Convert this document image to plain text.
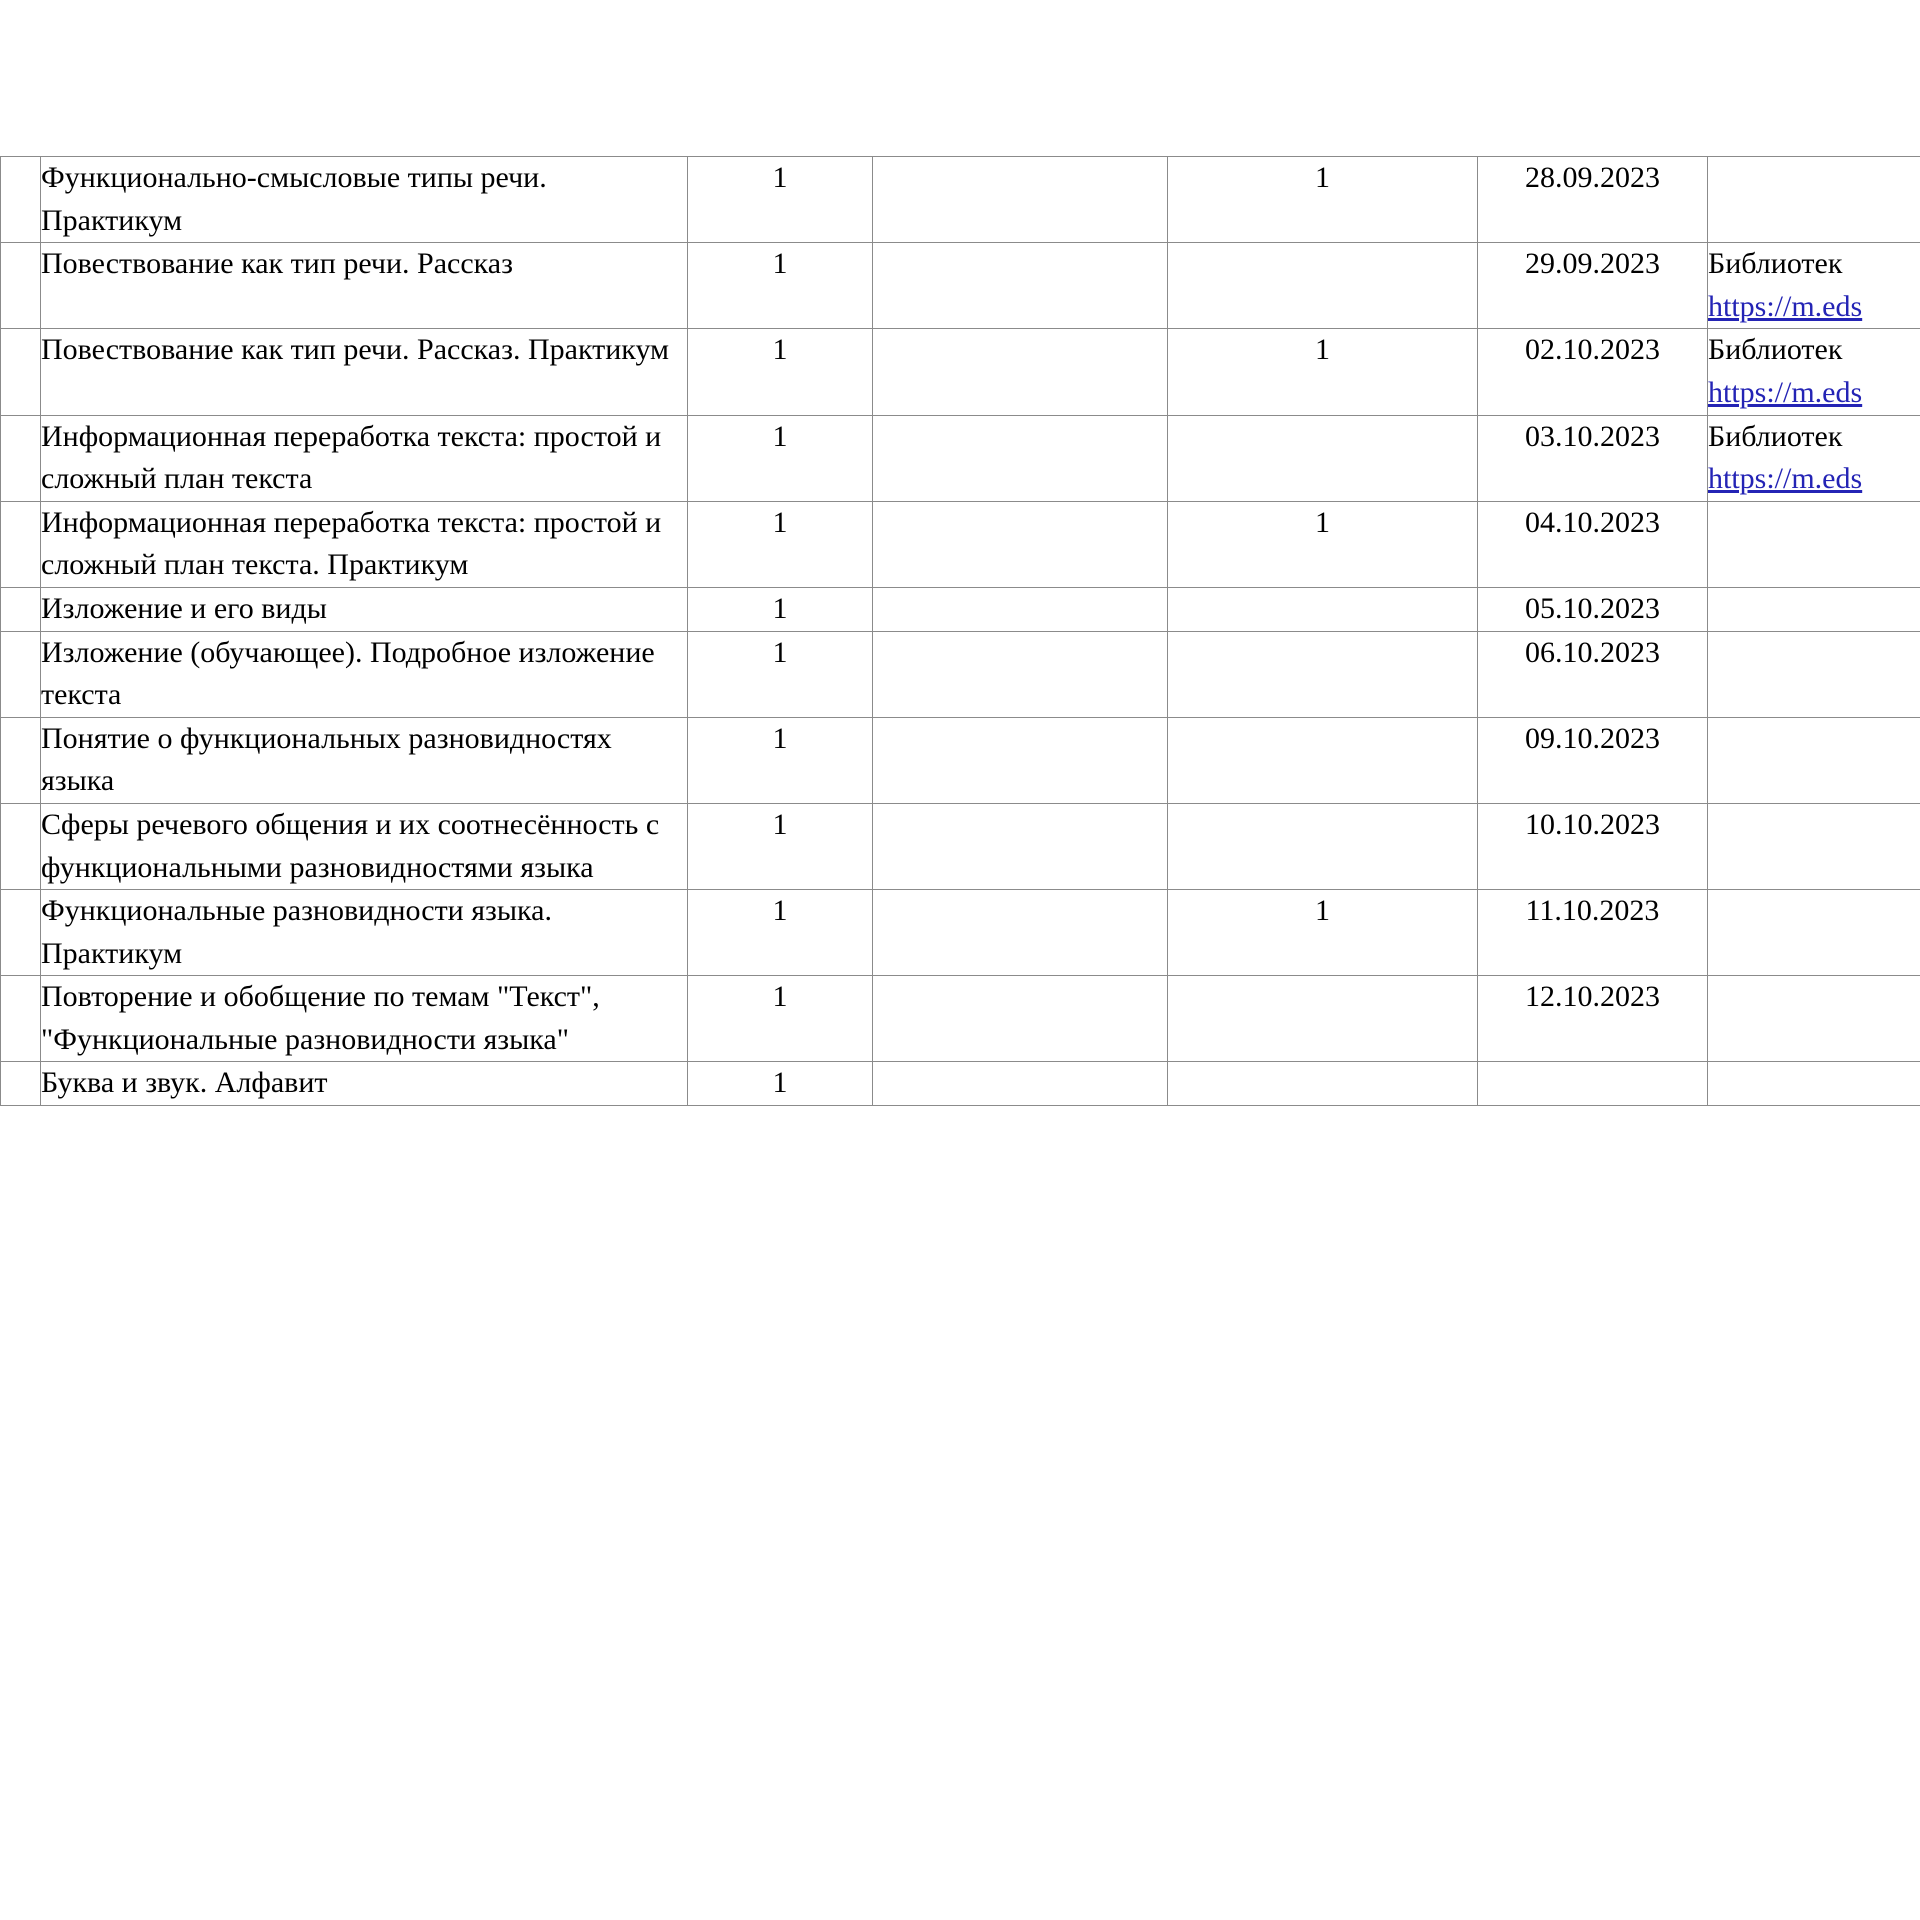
	Функционально-смысловые типы речи. Практикум	1		1	28.09.2023	

	Повествование как тип речи. Рассказ	1			29.09.2023	Библиотек
https://m.eds

	Повествование как тип речи. Рассказ. Практикум	1		1	02.10.2023	Библиотек
https://m.eds

	Информационная переработка текста: простой и сложный план текста	1			03.10.2023	Библиотек
https://m.eds

	Информационная переработка текста: простой и сложный план текста. Практикум	1		1	04.10.2023	

	Изложение и его виды	1			05.10.2023	

	Изложение (обучающее). Подробное изложение текста	1			06.10.2023	

	Понятие о функциональных разновидностях языка	1			09.10.2023	

	Сферы речевого общения и их соотнесённость с функциональными разновидностями языка	1			10.10.2023	

	Функциональные разновидности языка. Практикум	1		1	11.10.2023	

	Повторение и обобщение по темам "Текст", "Функциональные разновидности языка"	1			12.10.2023	

	Буква и звук. Алфавит	1				
